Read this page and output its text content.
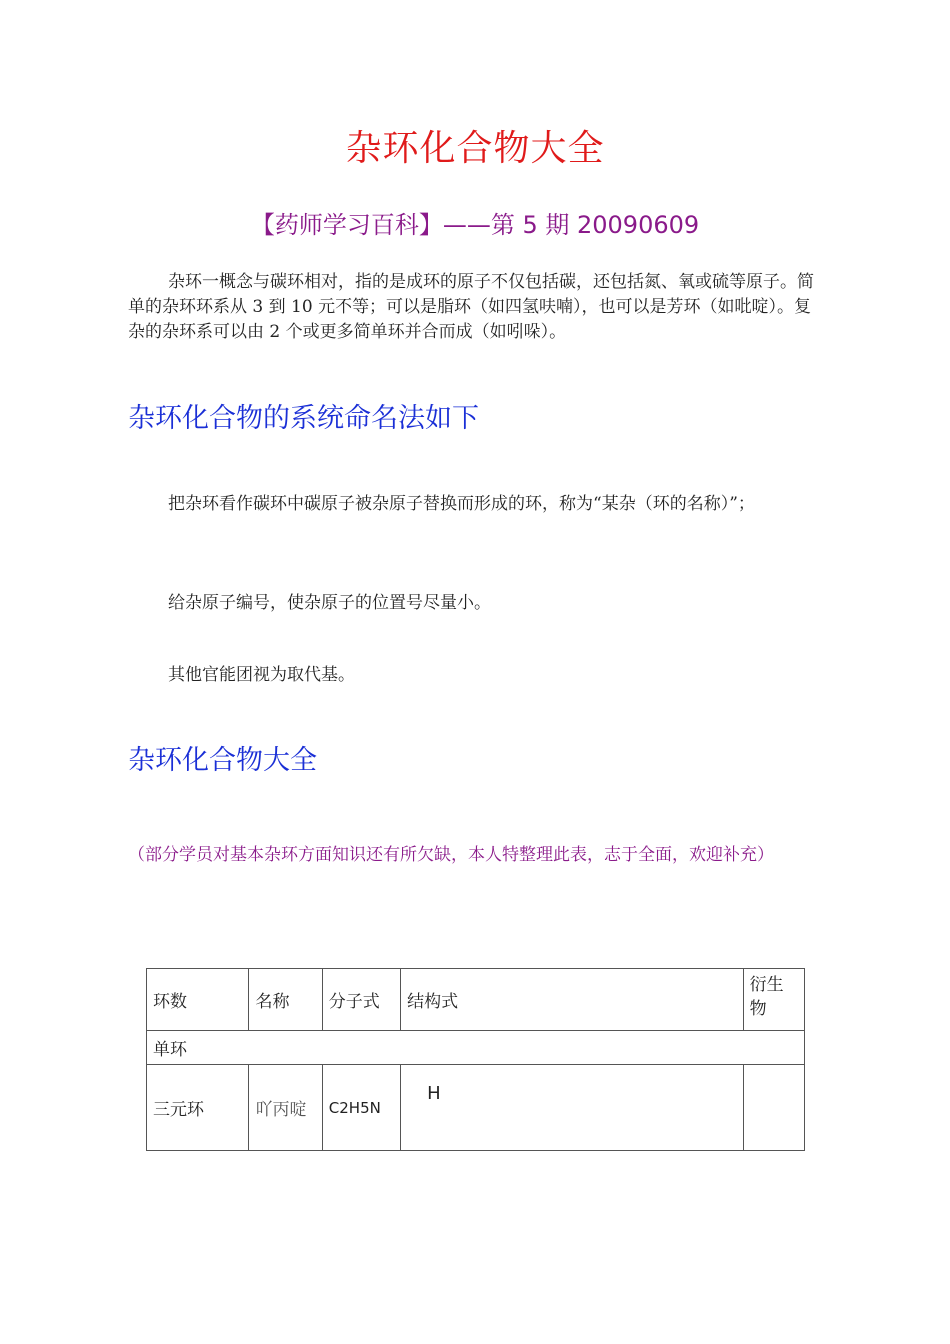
杂环化合物大全
【药师学习百科】——第 5 期 20090609

杂环一概念与碳环相对，指的是成环的原子不仅包括碳，还包括氮、氧或硫等原子。简单的杂环环系从 3 到 10 元不等；可以是脂环（如四氢呋喃），也可以是芳环（如吡啶）。复杂的杂环系可以由 2 个或更多简单环并合而成（如吲哚）。

杂环化合物的系统命名法如下

把杂环看作碳环中碳原子被杂原子替换而形成的环，称为“某杂（环的名称）”；

给杂原子编号，使杂原子的位置号尽量小。

其他官能团视为取代基。

杂环化合物大全

（部分学员对基本杂环方面知识还有所欠缺，本人特整理此表，志于全面，欢迎补充）

环数	名称	分子式	结构式	衍生物
单环				
三元环	吖丙啶	C2H5N	H	
